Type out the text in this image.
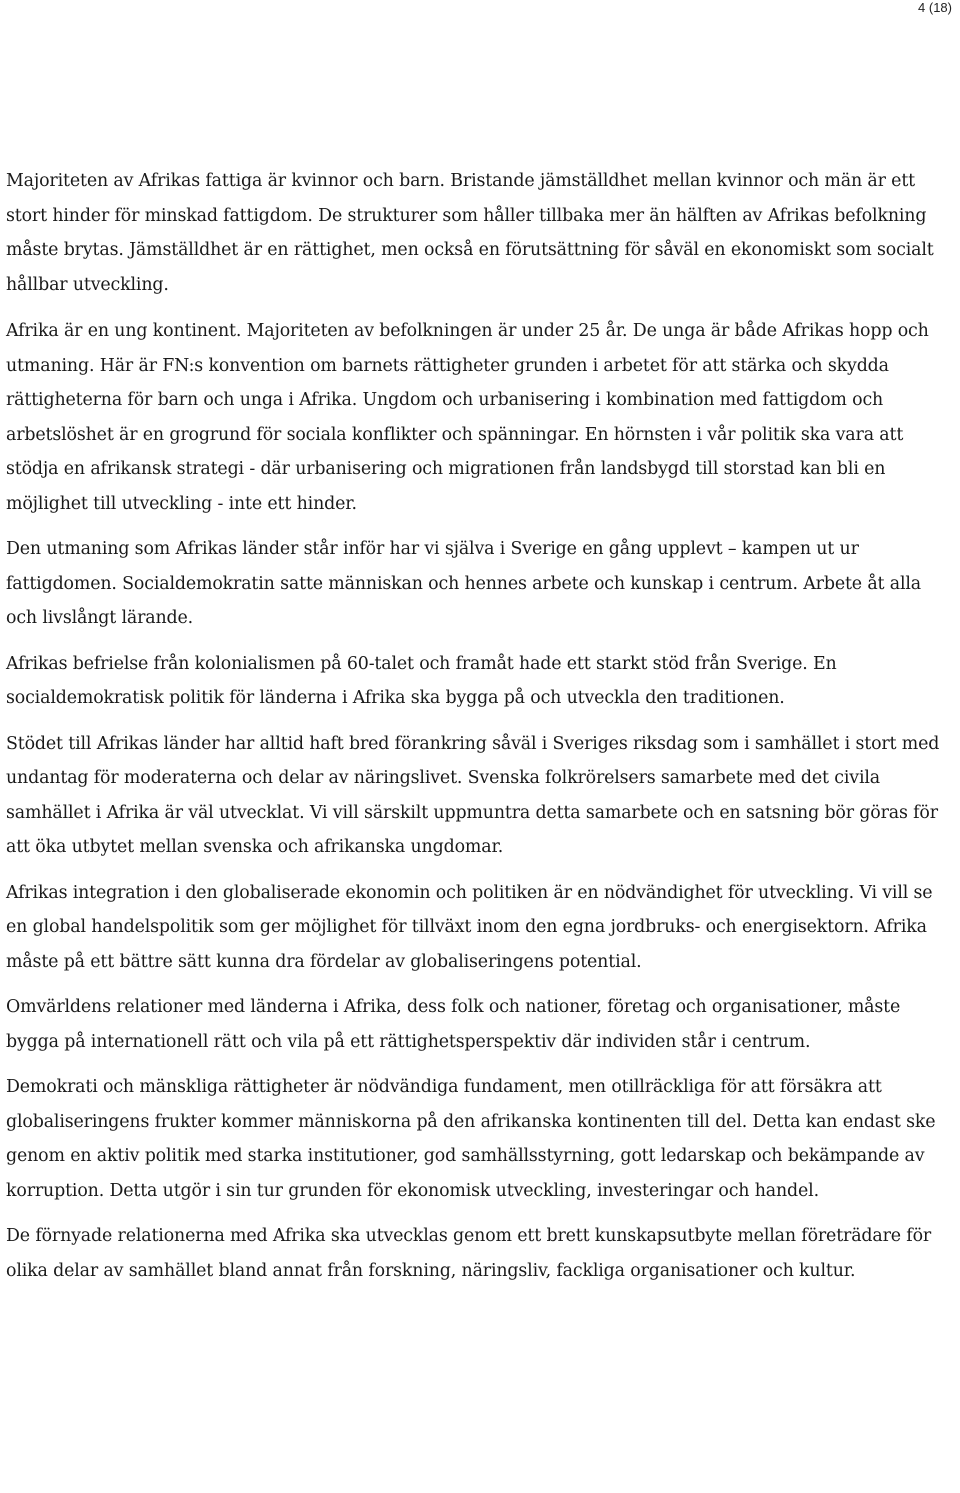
4 (18)

Majoriteten av Afrikas fattiga är kvinnor och barn. Bristande jämställdhet mellan kvinnor och män är ett stort hinder för minskad fattigdom. De strukturer som håller tillbaka mer än hälften av Afrikas befolkning måste brytas. Jämställdhet är en rättighet, men också en förutsättning för såväl en ekonomiskt som socialt hållbar utveckling.

Afrika är en ung kontinent. Majoriteten av befolkningen är under 25 år. De unga är både Afrikas hopp och utmaning. Här är FN:s konvention om barnets rättigheter grunden i arbetet för att stärka och skydda rättigheterna för barn och unga i Afrika. Ungdom och urbanisering i kombination med fattigdom och arbetslöshet är en grogrund för sociala konflikter och spänningar. En hörnsten i vår politik ska vara att stödja en afrikansk strategi - där urbanisering och migrationen från landsbygd till storstad kan bli en möjlighet till utveckling - inte ett hinder.

Den utmaning som Afrikas länder står inför har vi själva i Sverige en gång upplevt – kampen ut ur fattigdomen. Socialdemokratin satte människan och hennes arbete och kunskap i centrum. Arbete åt alla och livslångt lärande.

Afrikas befrielse från kolonialismen på 60-talet och framåt hade ett starkt stöd från Sverige. En socialdemokratisk politik för länderna i Afrika ska bygga på och utveckla den traditionen.

Stödet till Afrikas länder har alltid haft bred förankring såväl i Sveriges riksdag som i samhället i stort med undantag för moderaterna och delar av näringslivet. Svenska folkrörelsers samarbete med det civila samhället i Afrika är väl utvecklat. Vi vill särskilt uppmuntra detta samarbete och en satsning bör göras för att öka utbytet mellan svenska och afrikanska ungdomar.

Afrikas integration i den globaliserade ekonomin och politiken är en nödvändighet för utveckling. Vi vill se en global handelspolitik som ger möjlighet för tillväxt inom den egna jordbruks- och energisektorn. Afrika måste på ett bättre sätt kunna dra fördelar av globaliseringens potential.

Omvärldens relationer med länderna i Afrika, dess folk och nationer, företag och organisationer, måste bygga på internationell rätt och vila på ett rättighetsperspektiv där individen står i centrum.

Demokrati och mänskliga rättigheter är nödvändiga fundament, men otillräckliga för att försäkra att globaliseringens frukter kommer människorna på den afrikanska kontinenten till del. Detta kan endast ske genom en aktiv politik med starka institutioner, god samhällsstyrning, gott ledarskap och bekämpande av korruption. Detta utgör i sin tur grunden för ekonomisk utveckling, investeringar och handel.

De förnyade relationerna med Afrika ska utvecklas genom ett brett kunskapsutbyte mellan företrädare för olika delar av samhället bland annat från forskning, näringsliv, fackliga organisationer och kultur.
